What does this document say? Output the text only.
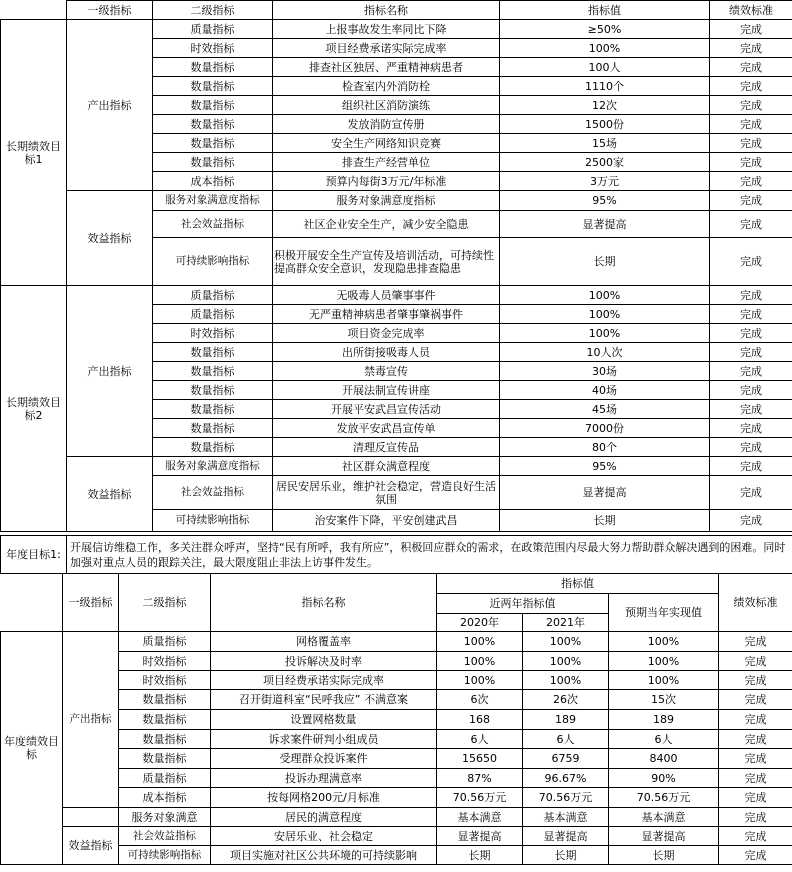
	一级指标	二级指标	指标名称	指标值	绩效标准
长期绩效目标1	产出指标	质量指标	上报事故发生率同比下降	≥50%	完成
		时效指标	项目经费承诺实际完成率	100%	完成
		数量指标	排查社区独居、严重精神病患者	100人	完成
		数量指标	检查室内外消防栓	1110个	完成
		数量指标	组织社区消防演练	12次	完成
		数量指标	发放消防宣传册	1500份	完成
		数量指标	安全生产网络知识竞赛	15场	完成
		数量指标	排查生产经营单位	2500家	完成
		成本指标	预算内每街3万元/年标准	3万元	完成
	效益指标	服务对象满意度指标	服务对象满意度指标	95%	完成
		社会效益指标	社区企业安全生产，减少安全隐患	显著提高	完成
		可持续影响指标	积极开展安全生产宣传及培训活动，可持续性提高群众安全意识，发现隐患排查隐患	长期	完成
长期绩效目标2	产出指标	质量指标	无吸毒人员肇事事件	100%	完成
		质量指标	无严重精神病患者肇事肇祸事件	100%	完成
		时效指标	项目资金完成率	100%	完成
		数量指标	出所街接吸毒人员	10人次	完成
		数量指标	禁毒宣传	30场	完成
		数量指标	开展法制宣传讲座	40场	完成
		数量指标	开展平安武昌宣传活动	45场	完成
		数量指标	发放平安武昌宣传单	7000份	完成
		数量指标	清理反宣传品	80个	完成
	效益指标	服务对象满意度指标	社区群众满意程度	95%	完成
		社会效益指标	居民安居乐业，维护社会稳定，营造良好生活氛围	显著提高	完成
		可持续影响指标	治安案件下降，平安创建武昌	长期	完成
年度目标1:	开展信访维稳工作，多关注群众呼声，坚持“民有所呼，我有所应”，积极回应群众的需求，在政策范围内尽最大努力帮助群众解决遇到的困难。同时加强对重点人员的跟踪关注，最大限度阻止非法上访事件发生。
	一级指标	二级指标	指标名称	指标值			绩效标准
				近两年指标值		预期当年实现值	
				2020年	2021年		
年度绩效目标	产出指标	质量指标	网格覆盖率	100%	100%	100%	完成
		时效指标	投诉解决及时率	100%	100%	100%	完成
		时效指标	项目经费承诺实际完成率	100%	100%	100%	完成
		数量指标	召开街道科室“民呼我应” 不满意案	6次	26次	15次	完成
		数量指标	设置网格数量	168	189	189	完成
		数量指标	诉求案件研判小组成员	6人	6人	6人	完成
		数量指标	受理群众投诉案件	15650	6759	8400	完成
		质量指标	投诉办理满意率	87%	96.67%	90%	完成
		成本指标	按每网格200元/月标准	70.56万元	70.56万元	70.56万元	完成
		服务对象满意	居民的满意程度	基本满意	基本满意	基本满意	完成
	效益指标	社会效益指标	安居乐业、社会稳定	显著提高	显著提高	显著提高	完成
		可持续影响指标	项目实施对社区公共环境的可持续影响	长期	长期	长期	完成
